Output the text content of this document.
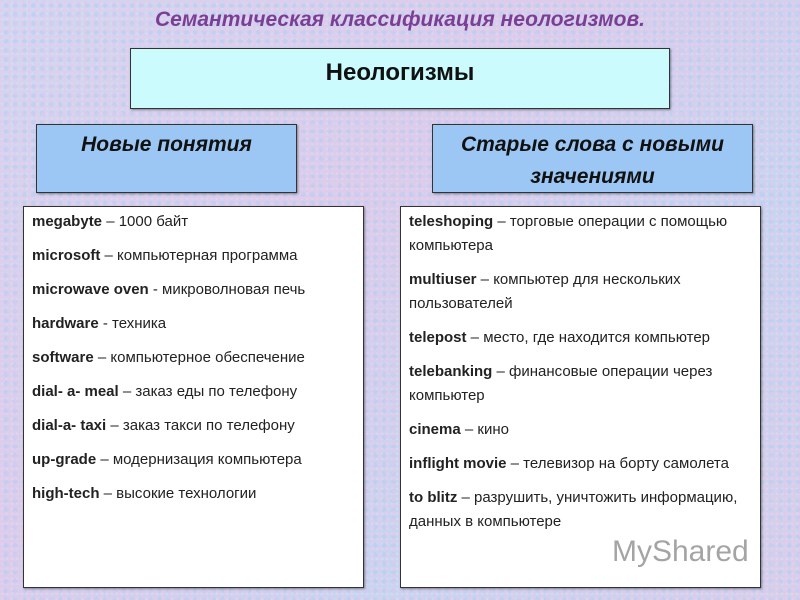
Семантическая классификация неологизмов.
Неологизмы
Новые понятия	Старые слова с новыми значениями
megabyte – 1000 байт
microsoft – компьютерная программа
microwave oven - микроволновая печь
hardware - техника
software – компьютерное обеспечение
dial- a- meal – заказ еды по телефону
dial-a- taxi – заказ такси по телефону
up-grade – модернизация компьютера
high-tech – высокие технологии
teleshoping – торговые операции с помощью компьютера
multiuser – компьютер для нескольких пользователей
telepost – место, где находится компьютер
telebanking – финансовые операции через компьютер
cinema – кино
inflight movie – телевизор на борту самолета
to blitz – разрушить, уничтожить информацию, данных в компьютере
MyShared
